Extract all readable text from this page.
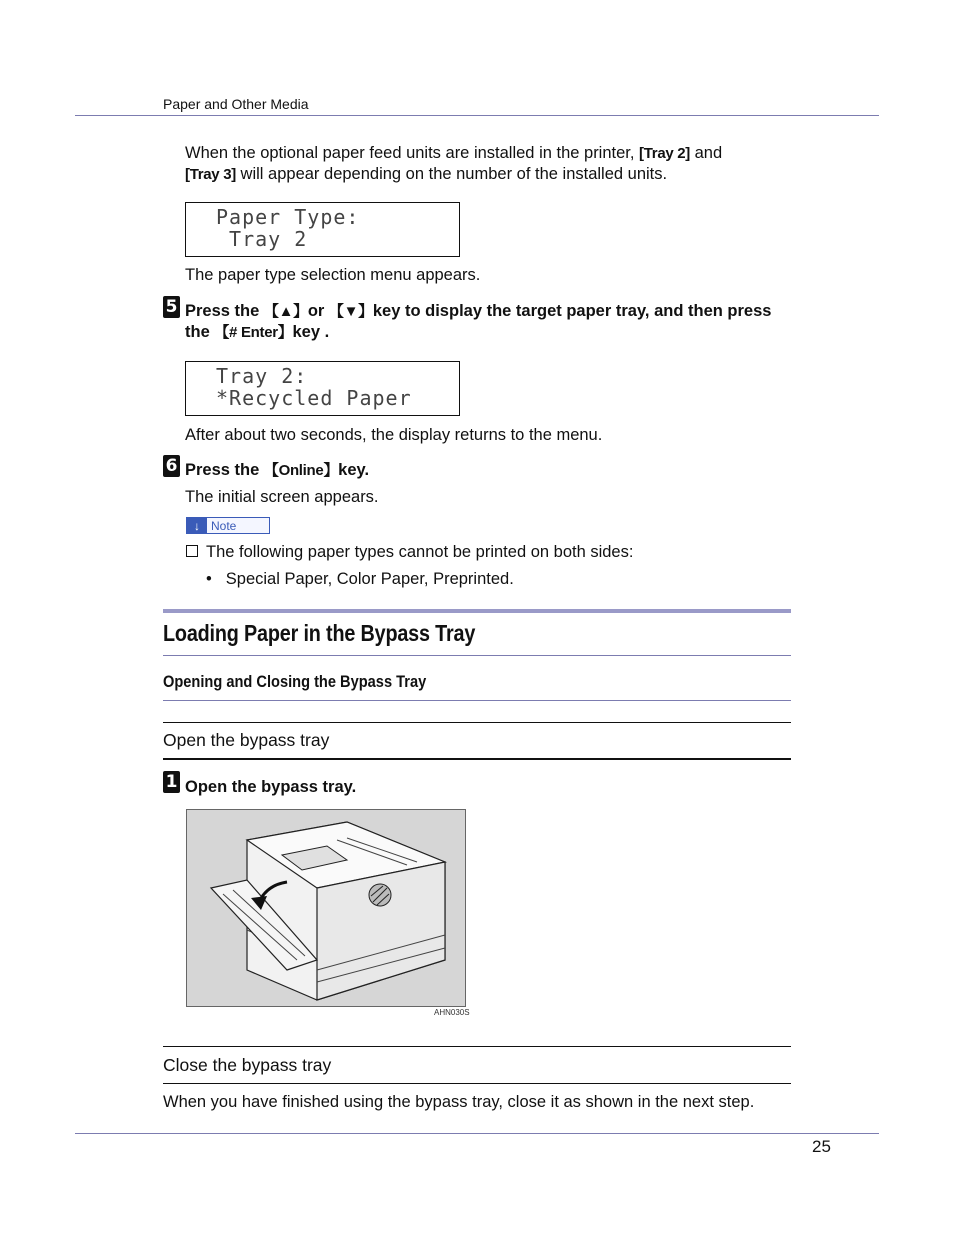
Paper and Other Media
When the optional paper feed units are installed in the printer, [Tray 2] and
[Tray 3] will appear depending on the number of the installed units.
Paper Type:
Tray 2
The paper type selection menu appears.
5 Press the 【▲】or 【▼】key to display the target paper tray, and then press the 【# Enter】key .
Tray 2:
*Recycled Paper
After about two seconds, the display returns to the menu.
6 Press the 【Online】key.
The initial screen appears.
↓ Note
The following paper types cannot be printed on both sides:
• Special Paper, Color Paper, Preprinted.
Loading Paper in the Bypass Tray
Opening and Closing the Bypass Tray
Open the bypass tray
1 Open the bypass tray.
AHN030S
Close the bypass tray
When you have finished using the bypass tray, close it as shown in the next step.
25
